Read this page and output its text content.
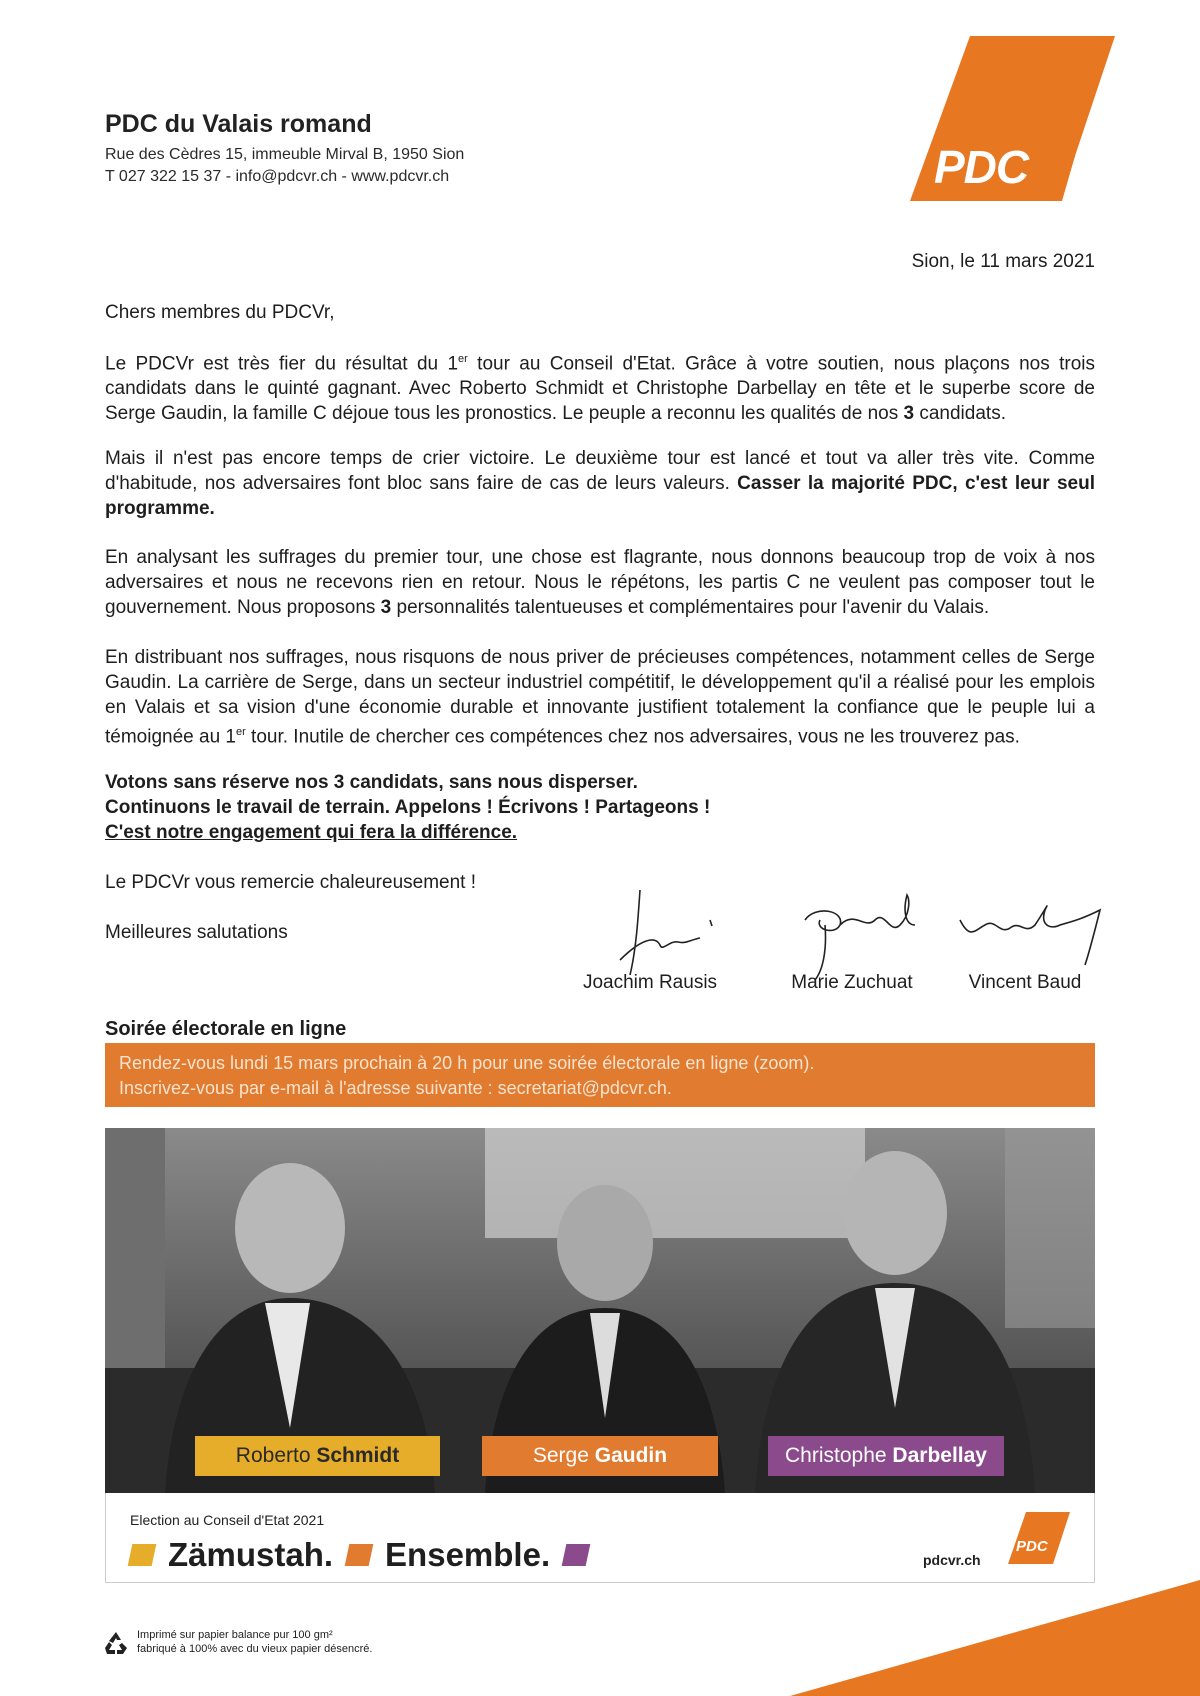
PDC du Valais romand
Rue des Cèdres 15, immeuble Mirval B, 1950 Sion
T 027 322 15 37 - info@pdcvr.ch - www.pdcvr.ch	PDC
Sion, le 11 mars 2021
Chers membres du PDCVr,
Le PDCVr est très fier du résultat du 1er tour au Conseil d'Etat. Grâce à votre soutien, nous plaçons nos trois candidats dans le quinté gagnant. Avec Roberto Schmidt et Christophe Darbellay en tête et le superbe score de Serge Gaudin, la famille C déjoue tous les pronostics. Le peuple a reconnu les qualités de nos 3 candidats.
Mais il n'est pas encore temps de crier victoire. Le deuxième tour est lancé et tout va aller très vite. Comme d'habitude, nos adversaires font bloc sans faire de cas de leurs valeurs. Casser la majorité PDC, c'est leur seul programme.
En analysant les suffrages du premier tour, une chose est flagrante, nous donnons beaucoup trop de voix à nos adversaires et nous ne recevons rien en retour. Nous le répétons, les partis C ne veulent pas composer tout le gouvernement. Nous proposons 3 personnalités talentueuses et complémentaires pour l'avenir du Valais.
En distribuant nos suffrages, nous risquons de nous priver de précieuses compétences, notamment celles de Serge Gaudin. La carrière de Serge, dans un secteur industriel compétitif, le développement qu'il a réalisé pour les emplois en Valais et sa vision d'une économie durable et innovante justifient totalement la confiance que le peuple lui a témoignée au 1er tour. Inutile de chercher ces compétences chez nos adversaires, vous ne les trouverez pas.
Votons sans réserve nos 3 candidats, sans nous disperser.
Continuons le travail de terrain. Appelons ! Écrivons ! Partageons !
C'est notre engagement qui fera la différence.
Le PDCVr vous remercie chaleureusement !
Meilleures salutations
Joachim Rausis	Marie Zuchuat	Vincent Baud
Soirée électorale en ligne
Rendez-vous lundi 15 mars prochain à 20 h pour une soirée électorale en ligne (zoom).
Inscrivez-vous par e-mail à l'adresse suivante : secretariat@pdcvr.ch.
Roberto Schmidt	Serge Gaudin	Christophe Darbellay
Election au Conseil d'Etat 2021
Zämustah. Ensemble.	pdcvr.ch
PDC
Imprimé sur papier balance pur 100 gm²
fabriqué à 100% avec du vieux papier désencré.
